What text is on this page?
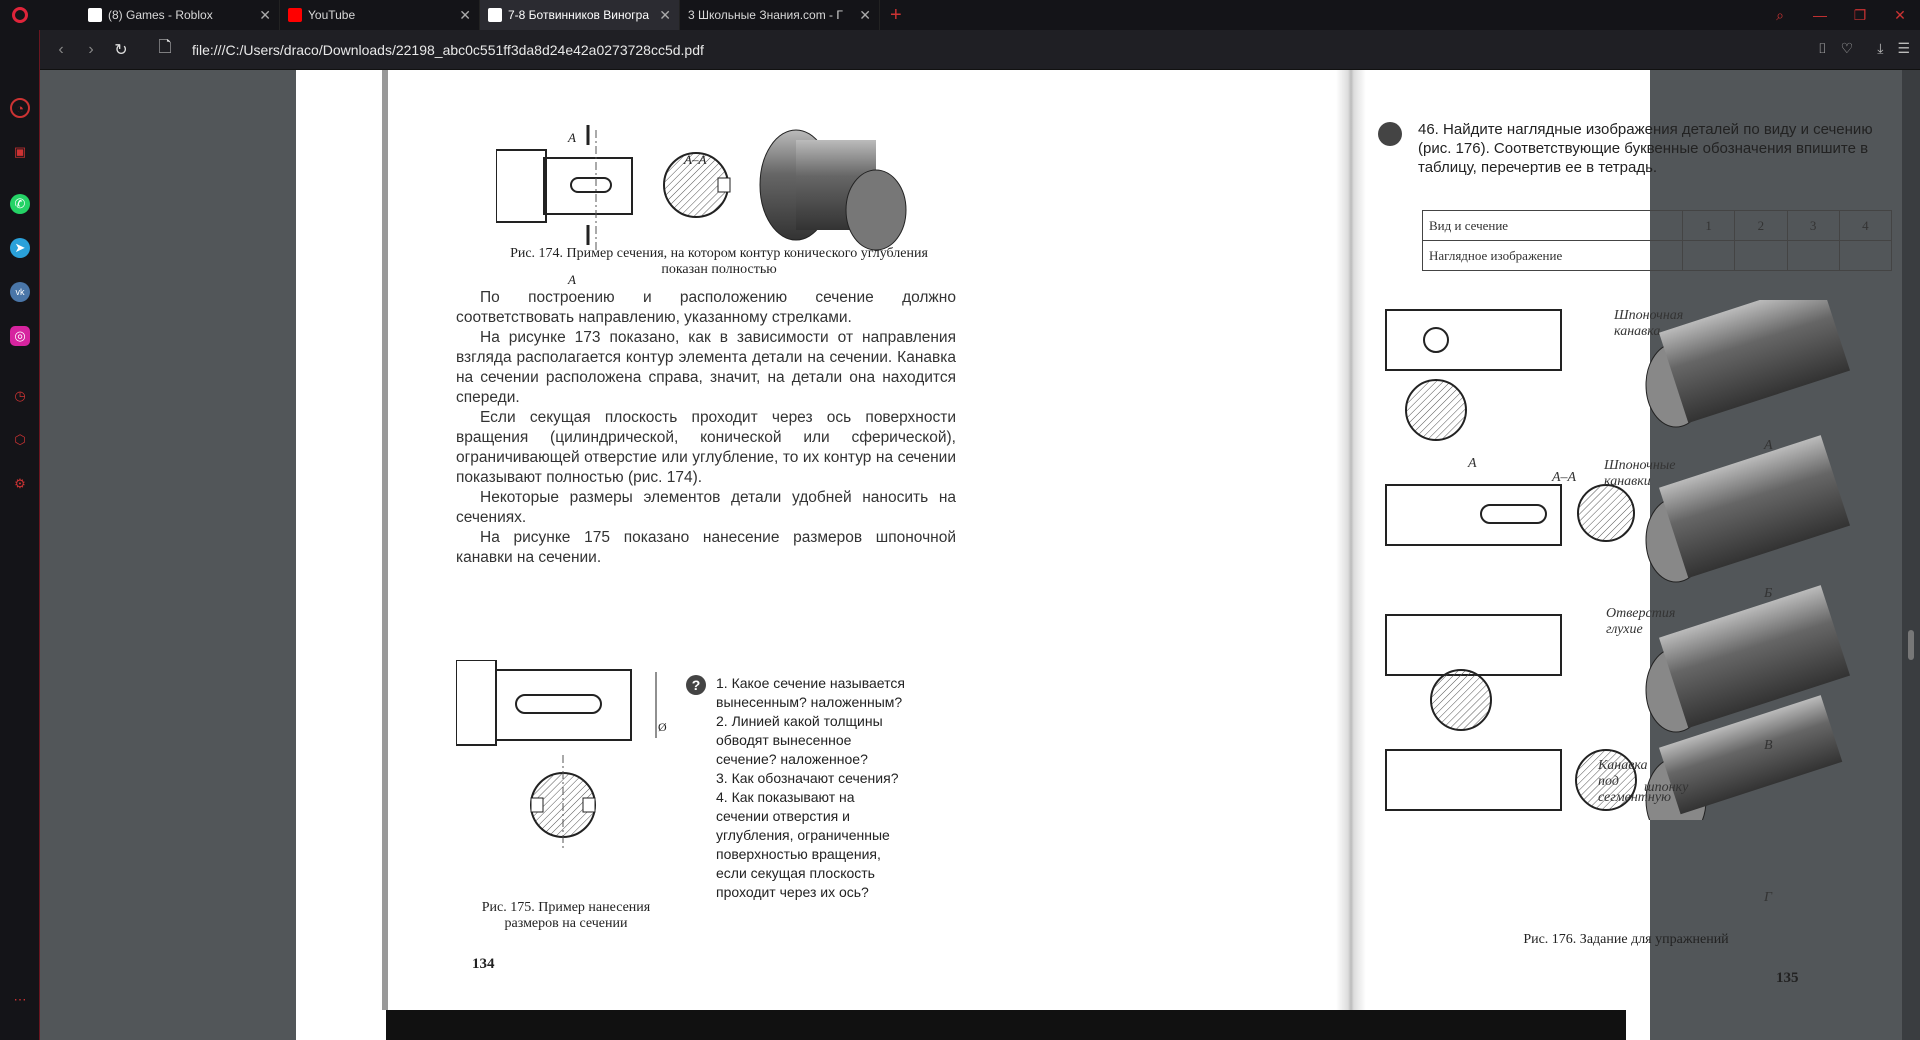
(8) Games - Roblox	✕	YouTube	✕	7-8 Ботвинников Виногра ✕ 3 Школьные Знания.com - Г	✕ +	⌕	—	❐	✕
◔
▣
✆
➤
vk
◎
◷
⬡
⚙
⋯
‹	›	↻	🗋	file:///C:/Users/draco/Downloads/22198_abc0c551ff3da8d24e42a0273728cc5d.pdf	⌷ ♡ ⤓ ☰
А
А
А–А
Рис. 174. Пример сечения, на котором контур конического углубления показан полностью

По построению и расположению сечение должно соответствовать направлению, указанному стрелками.

На рисунке 173 показано, как в зависимости от направления взгляда располагается контур элемента детали на сечении. Канавка на сечении расположена справа, значит, на детали она находится спереди.

Если секущая плоскость проходит через ось поверхности вращения (цилиндрической, конической или сферической), ограничивающей отверстие или углубление, то их контур на сечении показывают полностью (рис. 174).

Некоторые размеры элементов детали удобней наносить на сечениях.

На рисунке 175 показано нанесение размеров шпоночной канавки на сечении.

Ø
Рис. 175. Пример нанесения размеров на сечении
?	1. Какое сечение называется вынесенным? наложенным?

2. Линией какой толщины обводят вынесенное сечение? наложенное?

3. Как обозначают сечения?

4. Как показывают на сечении отверстия и углубления, ограниченные поверхностью вращения, если секущая плоскость проходит через их ось?

134

46. Найдите наглядные изображения деталей по виду и сечению (рис. 176). Соответствующие буквенные обозначения впишите в таблицу, перечертив ее в тетрадь.

Вид и сечение	1	2	3	4
Наглядное изображение				
Шпоночная канавка
Шпоночные канавки
Отверстия глухие
Канавка под сегментную
шпонку
А
Б
В
Г
А
А–А
Рис. 176. Задание для упражнений
135
